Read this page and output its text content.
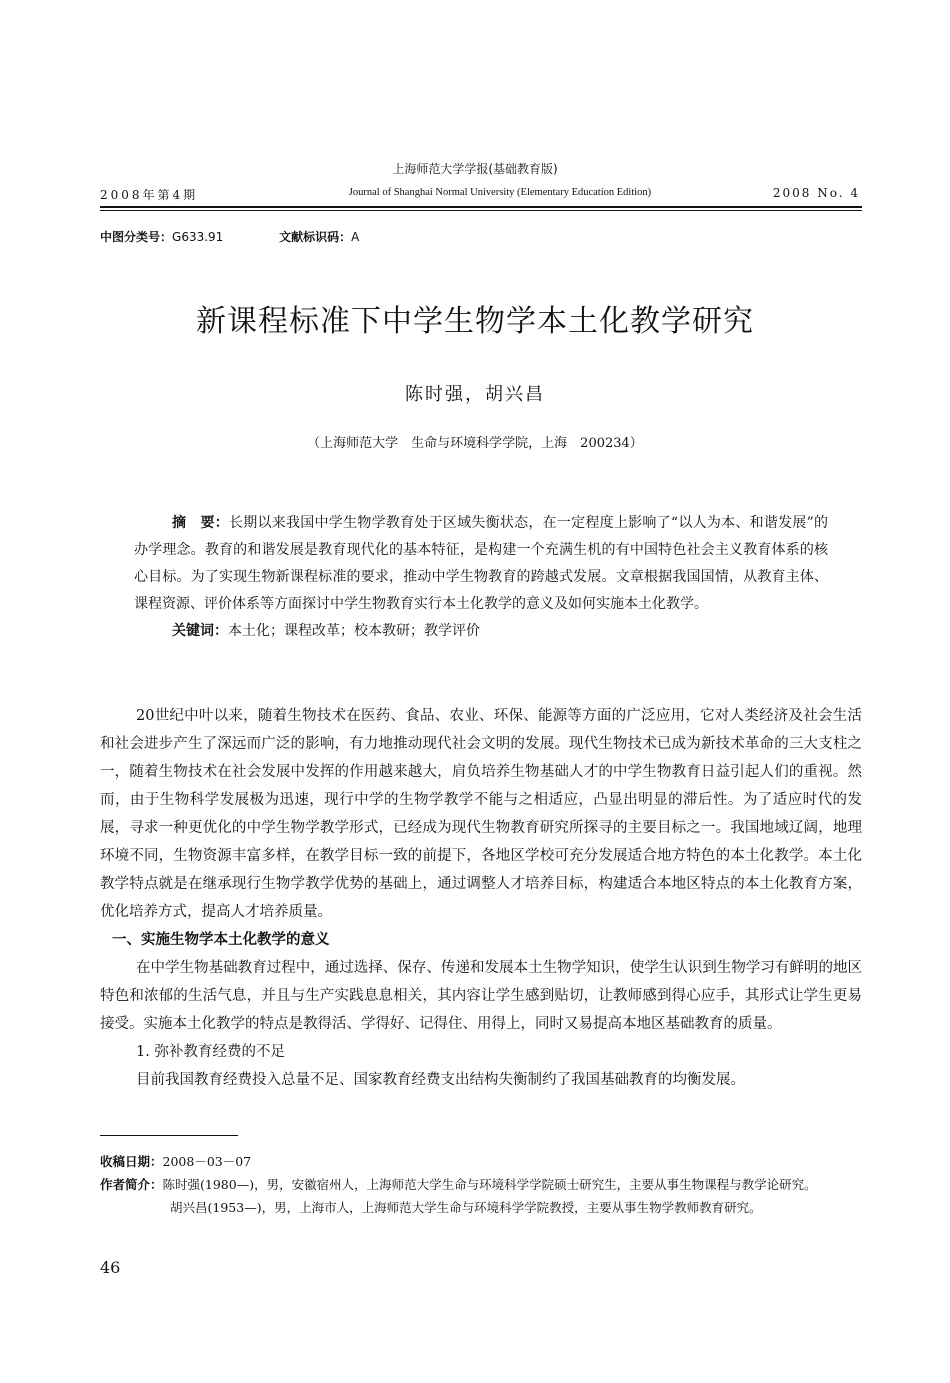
上海师范大学学报(基础教育版)
2008年第4期	Journal of Shanghai Normal University (Elementary Education Edition)	2008 No. 4
中图分类号：G633.91	文献标识码：A
新课程标准下中学生物学本土化教学研究
陈时强，胡兴昌
（上海师范大学　生命与环境科学学院，上海　200234）
摘　要：长期以来我国中学生物学教育处于区域失衡状态，在一定程度上影响了“以人为本、和谐发展”的办学理念。教育的和谐发展是教育现代化的基本特征，是构建一个充满生机的有中国特色社会主义教育体系的核心目标。为了实现生物新课程标准的要求，推动中学生物教育的跨越式发展。文章根据我国国情，从教育主体、课程资源、评价体系等方面探讨中学生物教育实行本土化教学的意义及如何实施本土化教学。
关键词：本土化；课程改革；校本教研；教学评价

20世纪中叶以来，随着生物技术在医药、食品、农业、环保、能源等方面的广泛应用，它对人类经济及社会生活和社会进步产生了深远而广泛的影响，有力地推动现代社会文明的发展。现代生物技术已成为新技术革命的三大支柱之一，随着生物技术在社会发展中发挥的作用越来越大，肩负培养生物基础人才的中学生物教育日益引起人们的重视。然而，由于生物科学发展极为迅速，现行中学的生物学教学不能与之相适应，凸显出明显的滞后性。为了适应时代的发展，寻求一种更优化的中学生物学教学形式，已经成为现代生物教育研究所探寻的主要目标之一。我国地域辽阔，地理环境不同，生物资源丰富多样，在教学目标一致的前提下，各地区学校可充分发展适合地方特色的本土化教学。本土化教学特点就是在继承现行生物学教学优势的基础上，通过调整人才培养目标，构建适合本地区特点的本土化教育方案，优化培养方式，提高人才培养质量。

一、实施生物学本土化教学的意义

在中学生物基础教育过程中，通过选择、保存、传递和发展本土生物学知识，使学生认识到生物学习有鲜明的地区特色和浓郁的生活气息，并且与生产实践息息相关，其内容让学生感到贴切，让教师感到得心应手，其形式让学生更易接受。实施本土化教学的特点是教得活、学得好、记得住、用得上，同时又易提高本地区基础教育的质量。

1. 弥补教育经费的不足

目前我国教育经费投入总量不足、国家教育经费支出结构失衡制约了我国基础教育的均衡发展。

收稿日期：2008－03－07
作者简介： 陈时强(1980—)，男，安徽宿州人，上海师范大学生命与环境科学学院硕士研究生，主要从事生物课程与教学论研究。
胡兴昌(1953—)，男，上海市人，上海师范大学生命与环境科学学院教授，主要从事生物学教师教育研究。
46
